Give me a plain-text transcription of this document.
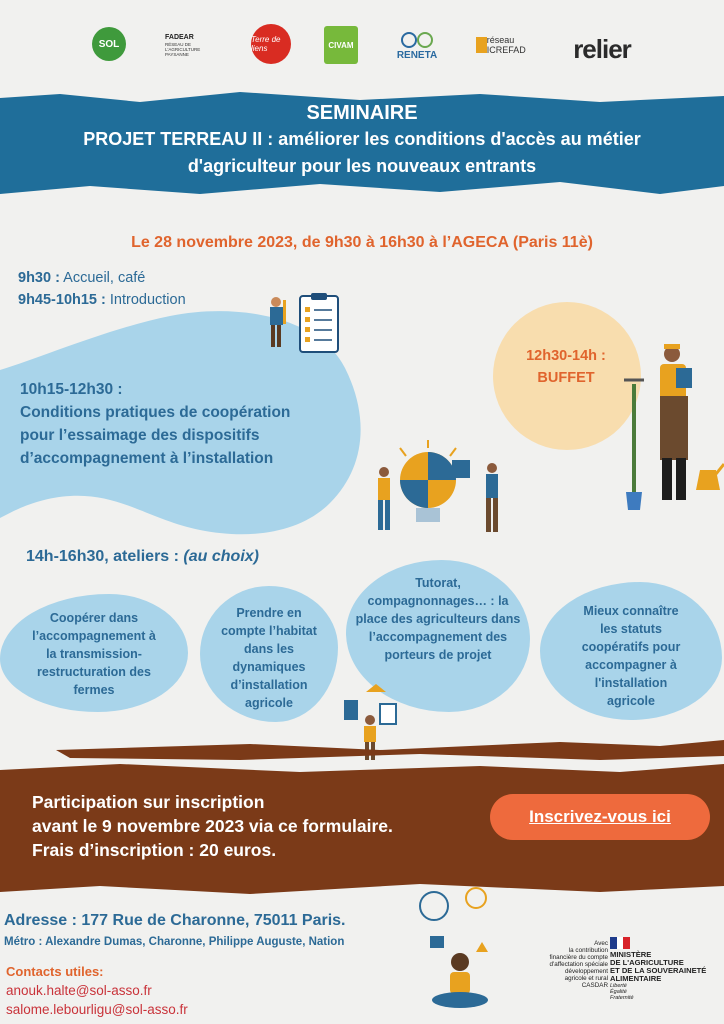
SOL
FADEAR
RÉSEAU DE L'AGRICULTURE PAYSANNE
Terre de liens	CIVAM
RENETA
réseau ICREFAD	relier
SEMINAIRE
PROJET TERREAU II : améliorer les conditions d'accès au métier
d'agriculteur pour les nouveaux entrants
Le 28 novembre 2023, de 9h30 à 16h30 à l’AGECA (Paris 11è)
9h30 : Accueil, café
9h45-10h15 : Introduction
10h15-12h30 :
Conditions pratiques de coopération
pour l’essaimage des dispositifs
d’accompagnement à l’installation
12h30-14h :
BUFFET
14h-16h30, ateliers : (au choix)
Coopérer dans
l’accompagnement à
la transmission-
restructuration des
fermes
Prendre en
compte l’habitat
dans les
dynamiques
d’installation
agricole
Tutorat,
compagnonnages… : la
place des agriculteurs dans
l’accompagnement des
porteurs de projet
Mieux connaître
les statuts
coopératifs pour
accompagner à
l'installation
agricole
Participation sur inscription
avant le 9 novembre 2023 via ce formulaire.
Frais d’inscription : 20 euros.
Inscrivez-vous ici
Adresse : 177 Rue de Charonne, 75011 Paris.
Métro : Alexandre Dumas, Charonne, Philippe Auguste, Nation
Contacts utiles:
anouk.halte@sol-asso.fr
salome.lebourligu@sol-asso.fr
Avec
la contribution
financière du compte
d'affectation spéciale
développement
agricole et rural
CASDAR
MINISTÈRE
DE L'AGRICULTURE
ET DE LA SOUVERAINETÉ
ALIMENTAIRE
Liberté
Égalité
Fraternité
